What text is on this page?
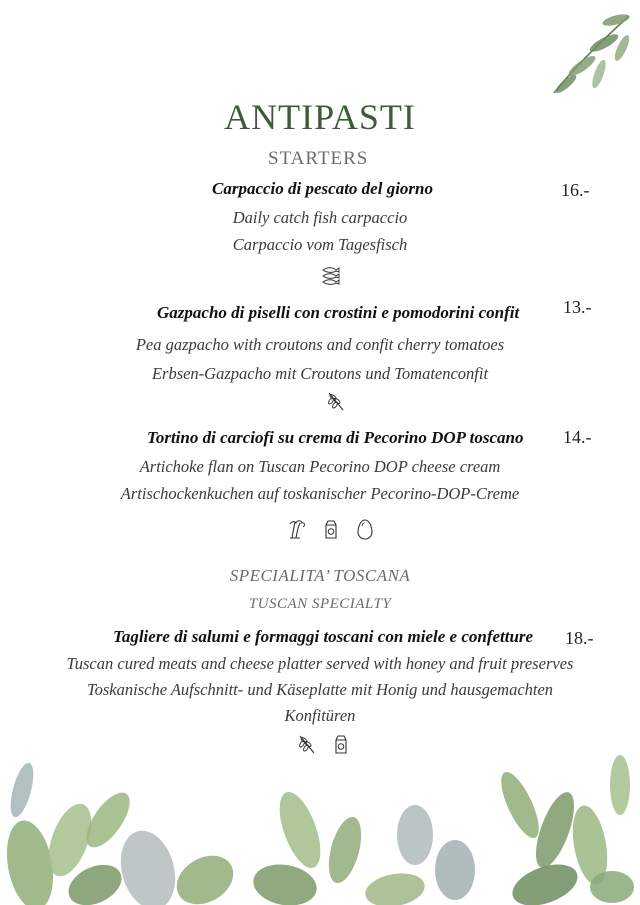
ANTIPASTI
STARTERS
Carpaccio di pescato del giorno	16.-
Daily catch fish carpaccio
Carpaccio vom Tagesfisch
Gazpacho di piselli con crostini e pomodorini confit 13.-
Pea gazpacho with croutons and confit cherry tomatoes
Erbsen-Gazpacho mit Croutons und Tomatenconfit
Tortino di carciofi su crema di Pecorino DOP toscano 14.-
Artichoke flan on Tuscan Pecorino DOP cheese cream
Artischockenkuchen auf toskanischer Pecorino-DOP-Creme
SPECIALITA’ TOSCANA
TUSCAN SPECIALTY
Tagliere di salumi e formaggi toscani con miele e confetture 18.-
Tuscan cured meats and cheese platter served with honey and fruit preserves
Toskanische Aufschnitt- und Käseplatte mit Honig und hausgemachten
Konfitüren
